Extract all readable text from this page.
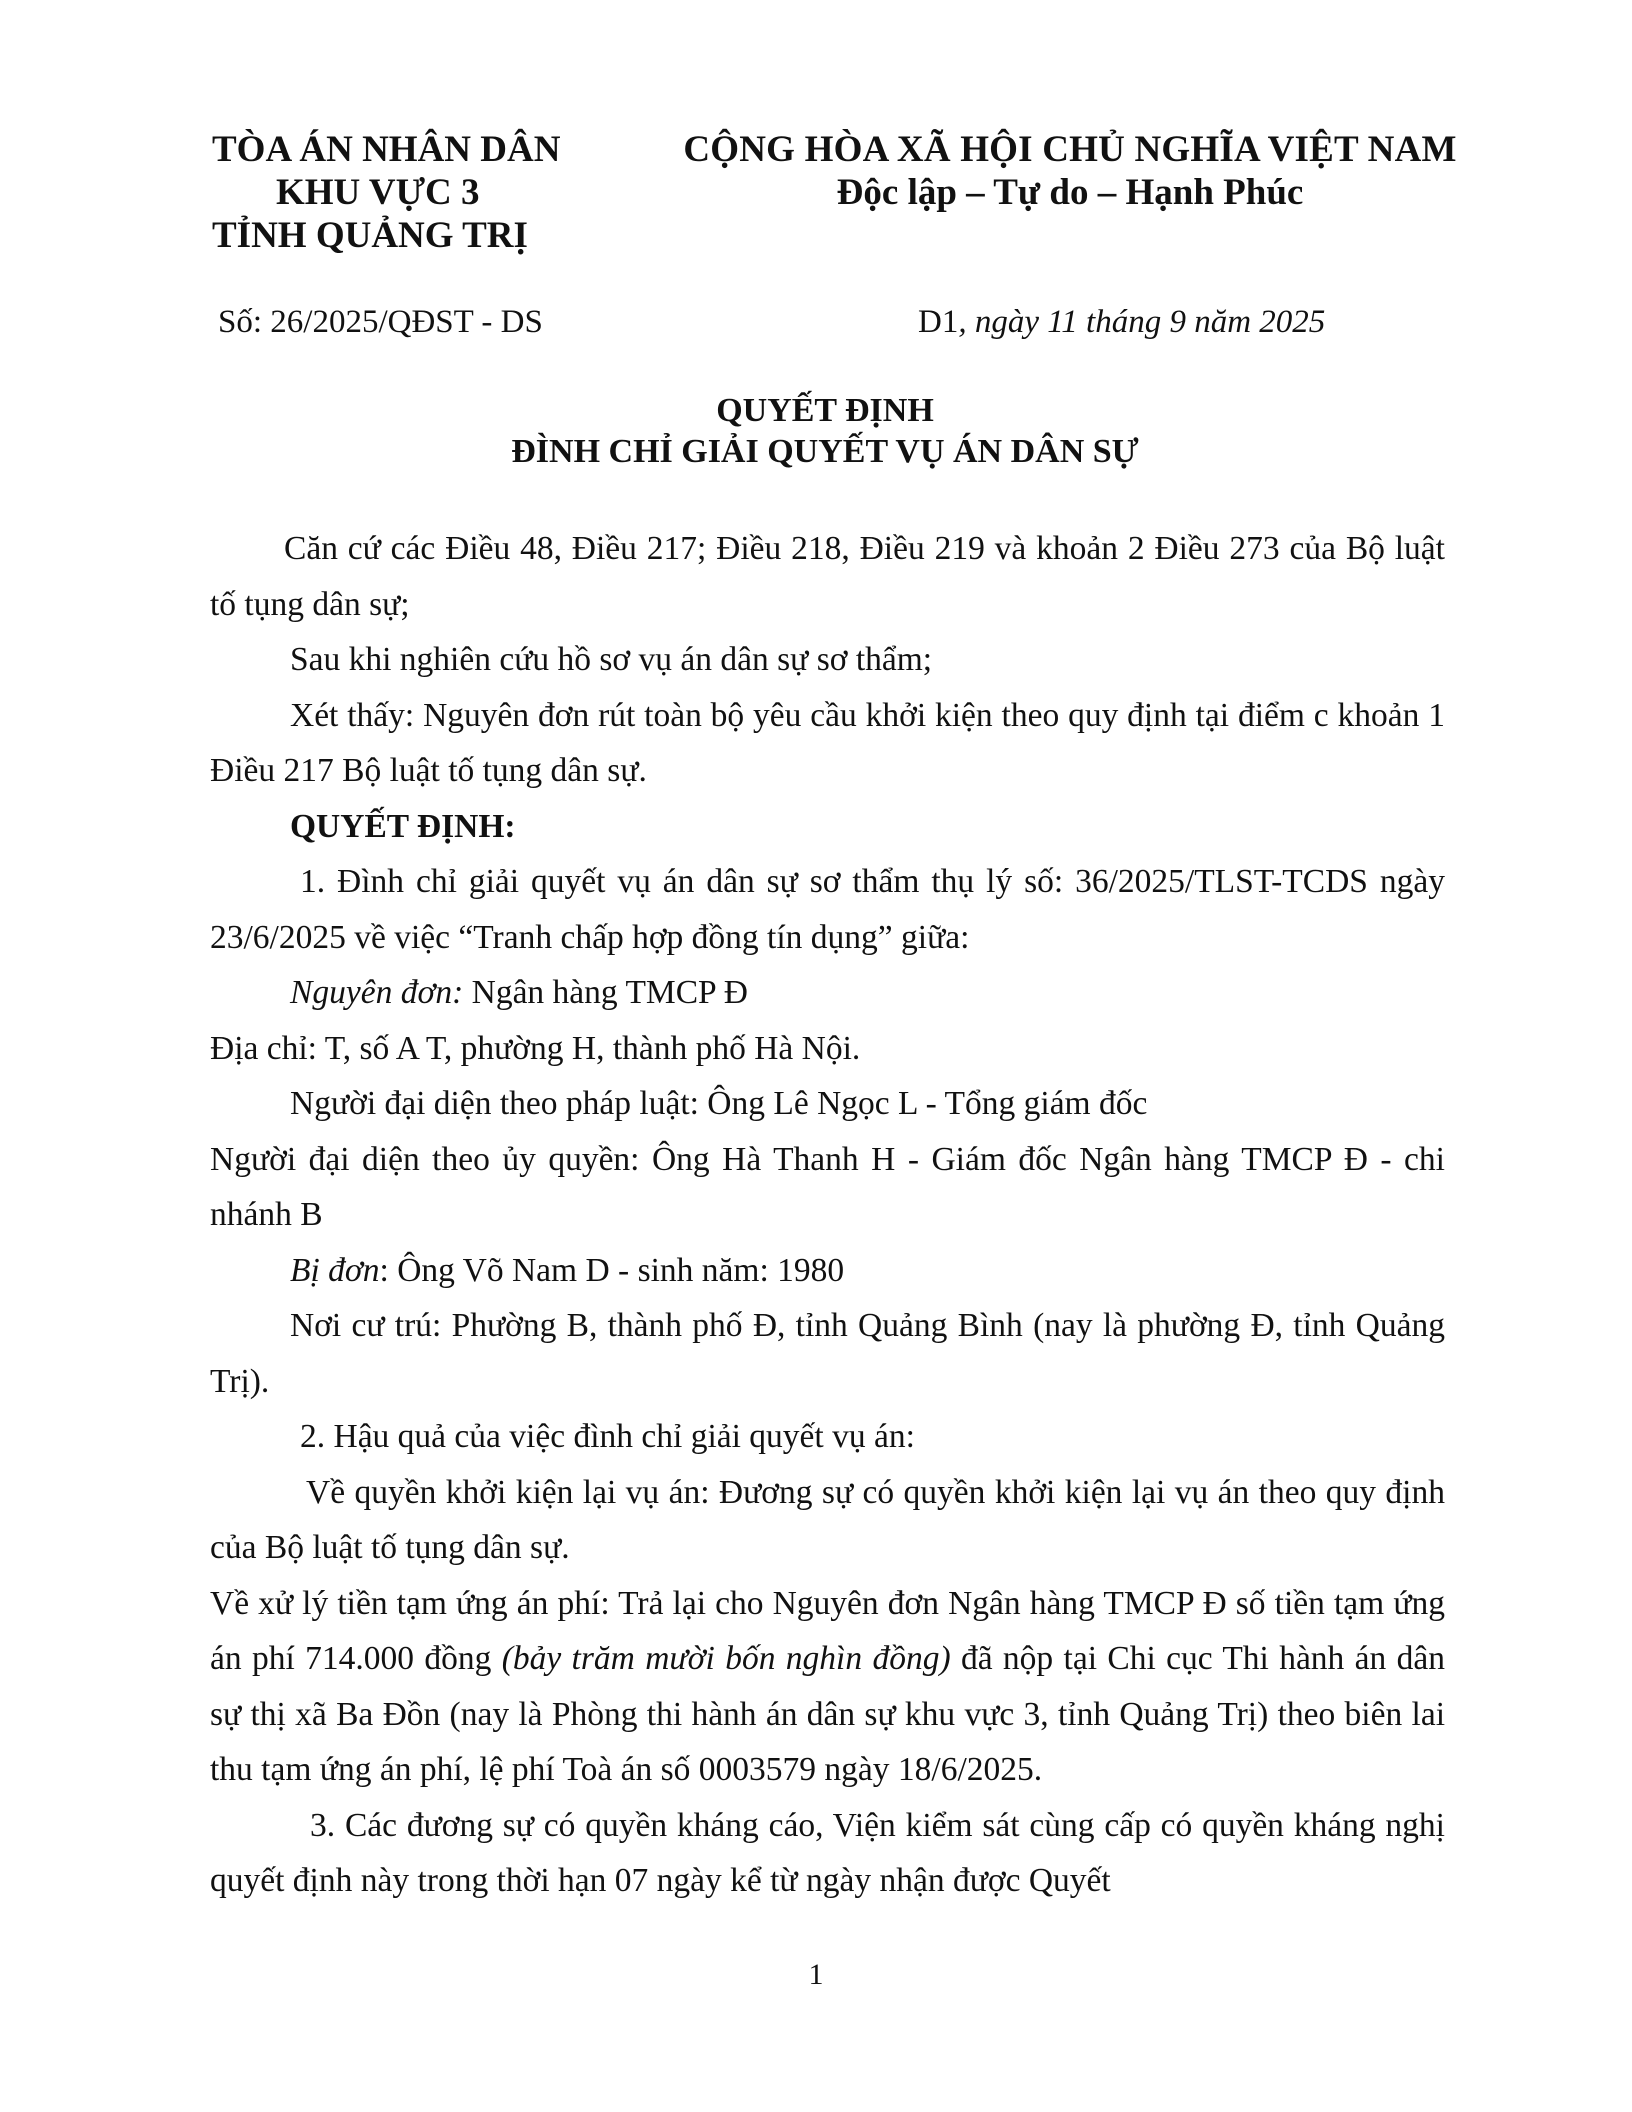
TÒA ÁN NHÂN DÂN
KHU VỰC 3
TỈNH QUẢNG TRỊ
CỘNG HÒA XÃ HỘI CHỦ NGHĨA VIỆT NAM
Độc lập – Tự do – Hạnh Phúc
Số: 26/2025/QĐST - DS	D1, ngày 11 tháng 9 năm 2025
QUYẾT ĐỊNH
ĐÌNH CHỈ GIẢI QUYẾT VỤ ÁN DÂN SỰ

Căn cứ các Điều 48, Điều 217; Điều 218, Điều 219 và khoản 2 Điều 273 của Bộ luật tố tụng dân sự;

Sau khi nghiên cứu hồ sơ vụ án dân sự sơ thẩm;

Xét thấy: Nguyên đơn rút toàn bộ yêu cầu khởi kiện theo quy định tại điểm c khoản 1 Điều 217 Bộ luật tố tụng dân sự.

QUYẾT ĐỊNH:

1. Đình chỉ giải quyết vụ án dân sự sơ thẩm thụ lý số: 36/2025/TLST-TCDS ngày 23/6/2025 về việc “Tranh chấp hợp đồng tín dụng” giữa:

Nguyên đơn: Ngân hàng TMCP Đ

Địa chỉ: T, số A T, phường H, thành phố Hà Nội.

Người đại diện theo pháp luật: Ông Lê Ngọc L - Tổng giám đốc

Người đại diện theo ủy quyền: Ông Hà Thanh H - Giám đốc Ngân hàng TMCP Đ - chi nhánh B

Bị đơn: Ông Võ Nam D - sinh năm: 1980

Nơi cư trú: Phường B, thành phố Đ, tỉnh Quảng Bình (nay là phường Đ, tỉnh Quảng Trị).

2. Hậu quả của việc đình chỉ giải quyết vụ án:

Về quyền khởi kiện lại vụ án: Đương sự có quyền khởi kiện lại vụ án theo quy định của Bộ luật tố tụng dân sự.

Về xử lý tiền tạm ứng án phí: Trả lại cho Nguyên đơn Ngân hàng TMCP Đ số tiền tạm ứng án phí 714.000 đồng (bảy trăm mười bốn nghìn đồng) đã nộp tại Chi cục Thi hành án dân sự thị xã Ba Đồn (nay là Phòng thi hành án dân sự khu vực 3, tỉnh Quảng Trị) theo biên lai thu tạm ứng án phí, lệ phí Toà án số 0003579 ngày 18/6/2025.

3. Các đương sự có quyền kháng cáo, Viện kiểm sát cùng cấp có quyền kháng nghị quyết định này trong thời hạn 07 ngày kể từ ngày nhận được Quyết

1
